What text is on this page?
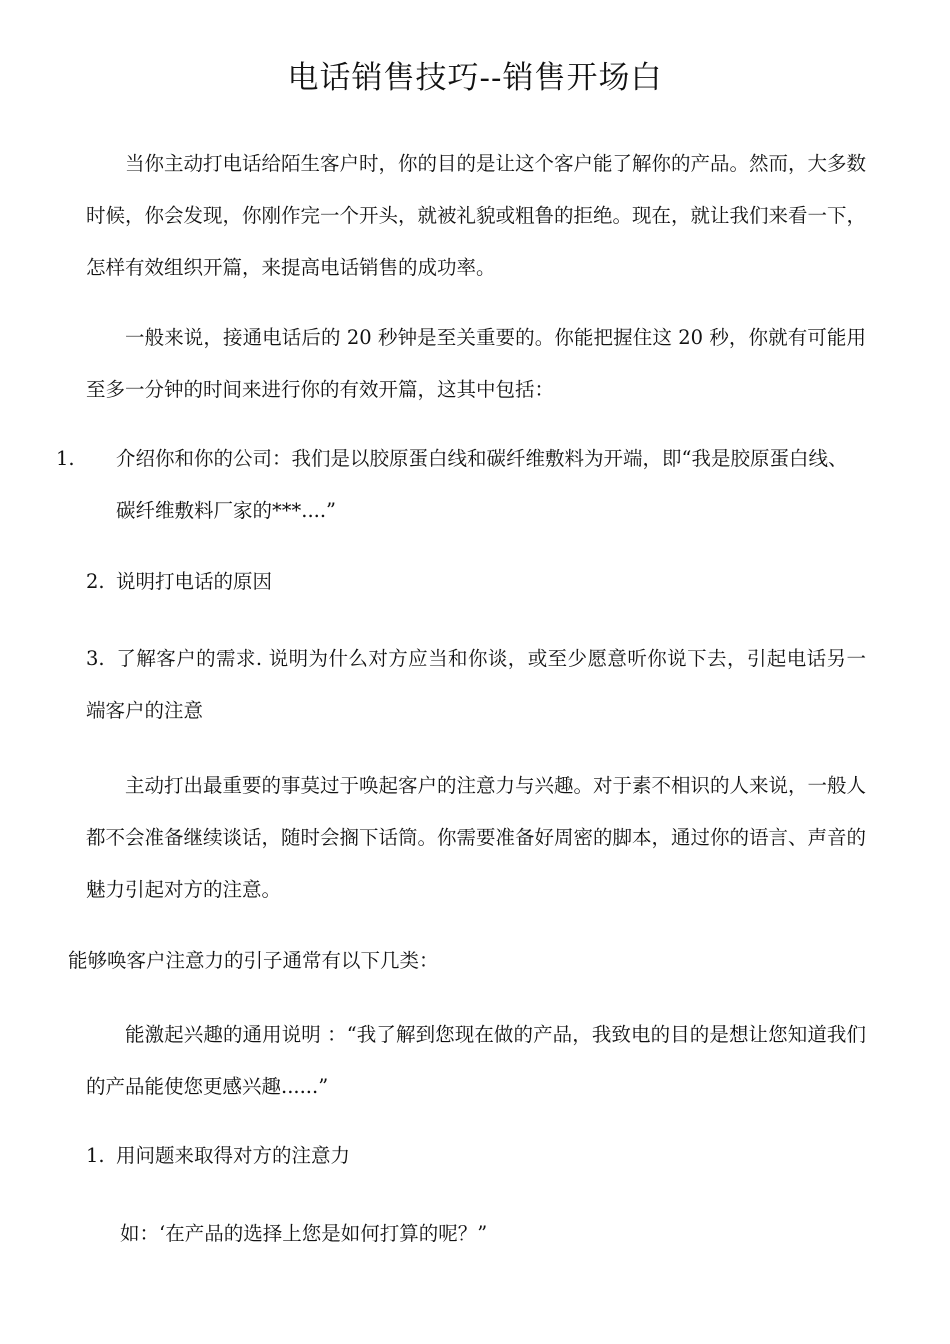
电话销售技巧--销售开场白

当你主动打电话给陌生客户时，你的目的是让这个客户能了解你的产品。然而，大多数时候，你会发现，你刚作完一个开头，就被礼貌或粗鲁的拒绝。现在，就让我们来看一下，怎样有效组织开篇，来提高电话销售的成功率。

一般来说，接通电话后的 20 秒钟是至关重要的。你能把握住这 20 秒，你就有可能用至多一分钟的时间来进行你的有效开篇，这其中包括：

1. 介绍你和你的公司：我们是以胶原蛋白线和碳纤维敷料为开端，即“我是胶原蛋白线、碳纤维敷料厂家的***....”
2. 说明打电话的原因
3. 了解客户的需求. 说明为什么对方应当和你谈，或至少愿意听你说下去，引起电话另一端客户的注意

主动打出最重要的事莫过于唤起客户的注意力与兴趣。对于素不相识的人来说，一般人都不会准备继续谈话，随时会搁下话筒。你需要准备好周密的脚本，通过你的语言、声音的魅力引起对方的注意。

能够唤客户注意力的引子通常有以下几类：

能激起兴趣的通用说明 ：“我了解到您现在做的产品，我致电的目的是想让您知道我们的产品能使您更感兴趣......”

1. 用问题来取得对方的注意力

如：‘在产品的选择上您是如何打算的呢？”
